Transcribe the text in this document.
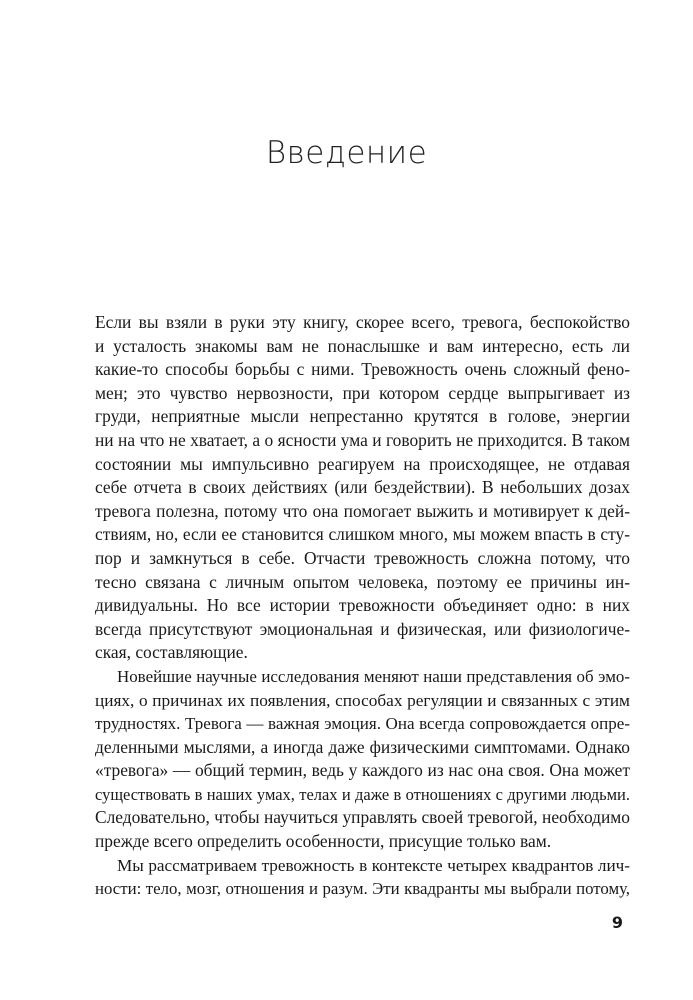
Введение
Если вы взяли в руки эту книгу, скорее всего, тревога, беспокойство
и усталость знакомы вам не понаслышке и вам интересно, есть ли
какие-то способы борьбы с ними. Тревожность очень сложный фено-
мен; это чувство нервозности, при котором сердце выпрыгивает из
груди, неприятные мысли непрестанно крутятся в голове, энергии
ни на что не хватает, а о ясности ума и говорить не приходится. В таком
состоянии мы импульсивно реагируем на происходящее, не отдавая
себе отчета в своих действиях (или бездействии). В небольших дозах
тревога полезна, потому что она помогает выжить и мотивирует к дей-
ствиям, но, если ее становится слишком много, мы можем впасть в сту-
пор и замкнуться в себе. Отчасти тревожность сложна потому, что
тесно связана с личным опытом человека, поэтому ее причины ин-
дивидуальны. Но все истории тревожности объединяет одно: в них
всегда присутствуют эмоциональная и физическая, или физиологиче-
ская, составляющие.
Новейшие научные исследования меняют наши представления об эмо-
циях, о причинах их появления, способах регуляции и связанных с этим
трудностях. Тревога — важная эмоция. Она всегда сопровождается опре-
деленными мыслями, а иногда даже физическими симптомами. Однако
«тревога» — общий термин, ведь у каждого из нас она своя. Она может
существовать в наших умах, телах и даже в отношениях с другими людьми.
Следовательно, чтобы научиться управлять своей тревогой, необходимо
прежде всего определить особенности, присущие только вам.
Мы рассматриваем тревожность в контексте четырех квадрантов лич-
ности: тело, мозг, отношения и разум. Эти квадранты мы выбрали потому,
9
